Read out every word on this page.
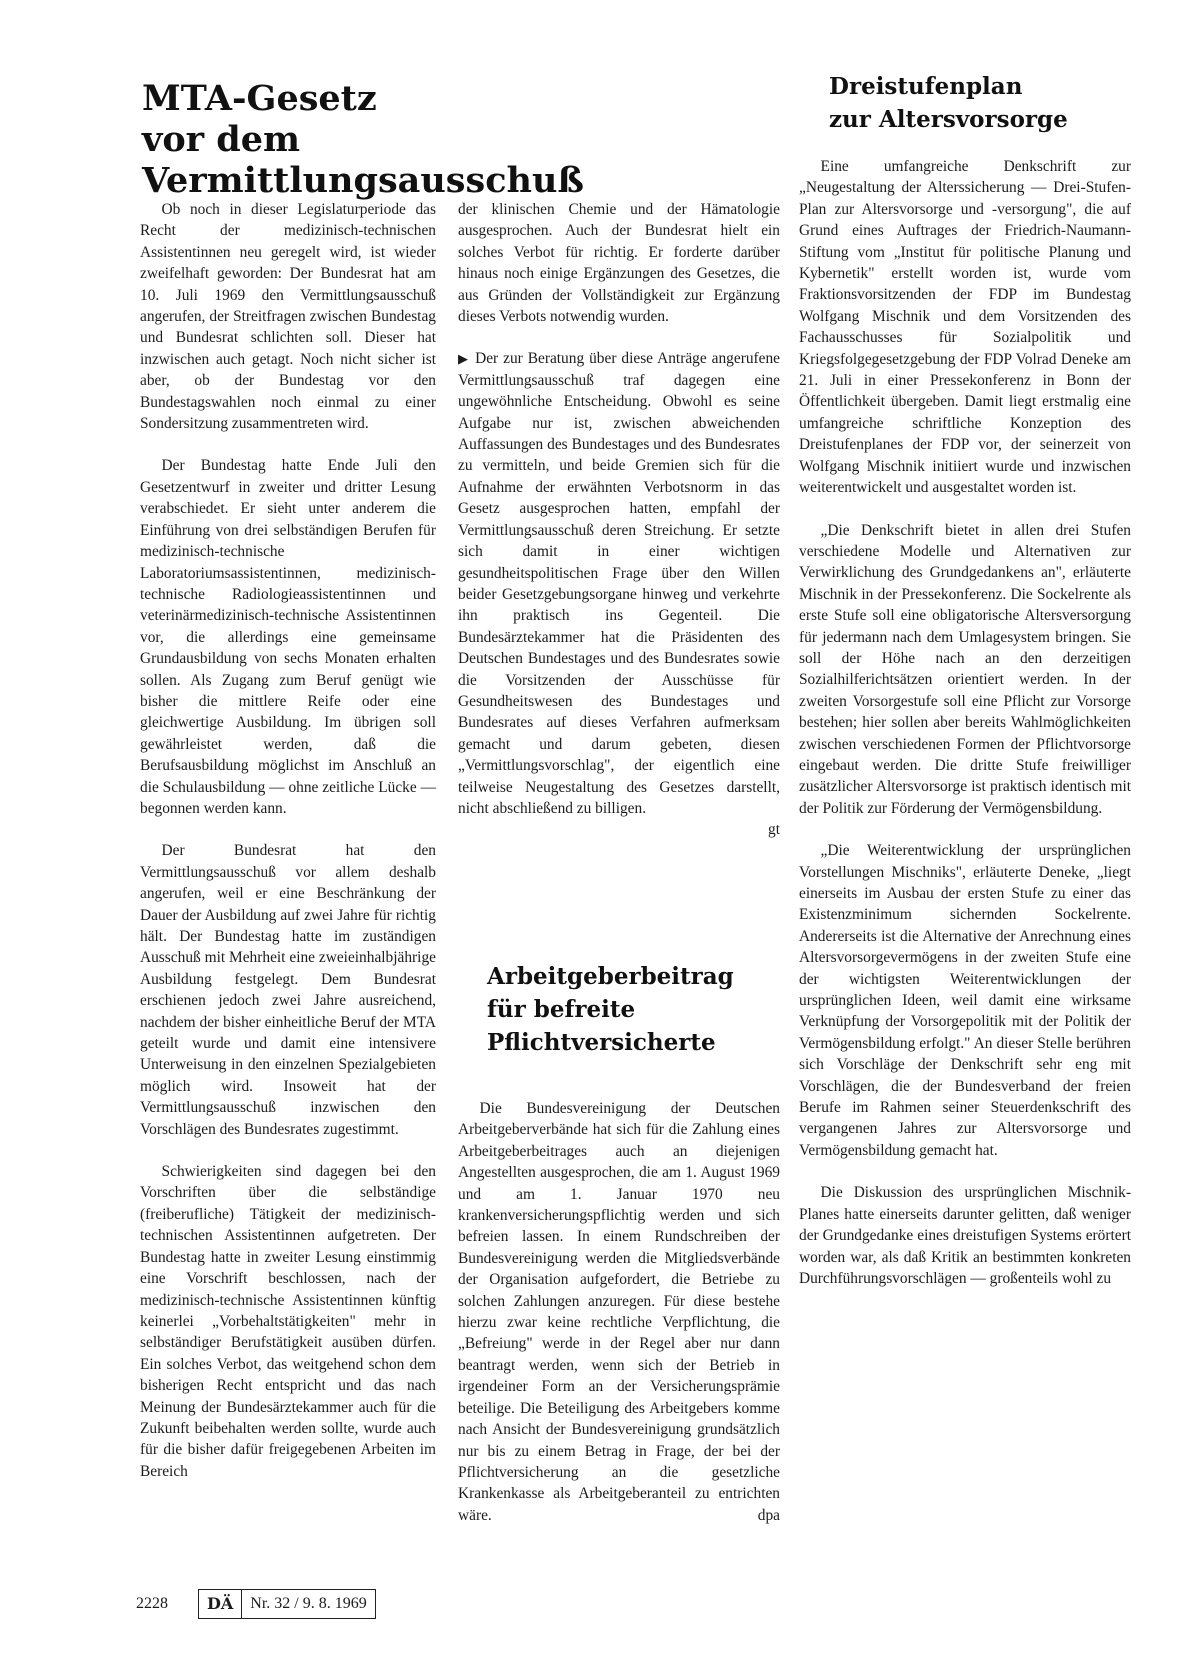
MTA-Gesetz
vor dem Vermittlungsausschuß
Dreistufenplan
zur Altersvorsorge

Ob noch in dieser Legislaturperiode das Recht der medizinisch-technischen Assistentinnen neu geregelt wird, ist wieder zweifelhaft geworden: Der Bundesrat hat am 10. Juli 1969 den Vermittlungsausschuß angerufen, der Streitfragen zwischen Bundestag und Bundesrat schlichten soll. Dieser hat inzwischen auch getagt. Noch nicht sicher ist aber, ob der Bundestag vor den Bundestagswahlen noch einmal zu einer Sondersitzung zusammentreten wird.

Der Bundestag hatte Ende Juli den Gesetzentwurf in zweiter und dritter Lesung verabschiedet. Er sieht unter anderem die Einführung von drei selbständigen Berufen für medizinisch-technische Laboratoriumsassistentinnen, medizinisch-technische Radiologieassistentinnen und veterinärmedizinisch-technische Assistentinnen vor, die allerdings eine gemeinsame Grundausbildung von sechs Monaten erhalten sollen. Als Zugang zum Beruf genügt wie bisher die mittlere Reife oder eine gleichwertige Ausbildung. Im übrigen soll gewährleistet werden, daß die Berufsausbildung möglichst im Anschluß an die Schulausbildung — ohne zeitliche Lücke — begonnen werden kann.

Der Bundesrat hat den Vermittlungsausschuß vor allem deshalb angerufen, weil er eine Beschränkung der Dauer der Ausbildung auf zwei Jahre für richtig hält. Der Bundestag hatte im zuständigen Ausschuß mit Mehrheit eine zweieinhalbjährige Ausbildung festgelegt. Dem Bundesrat erschienen jedoch zwei Jahre ausreichend, nachdem der bisher einheitliche Beruf der MTA geteilt wurde und damit eine intensivere Unterweisung in den einzelnen Spezialgebieten möglich wird. Insoweit hat der Vermittlungsausschuß inzwischen den Vorschlägen des Bundesrates zugestimmt.

Schwierigkeiten sind dagegen bei den Vorschriften über die selbständige (freiberufliche) Tätigkeit der medizinisch-technischen Assistentinnen aufgetreten. Der Bundestag hatte in zweiter Lesung einstimmig eine Vorschrift beschlossen, nach der medizinisch-technische Assistentinnen künftig keinerlei „Vorbehaltstätigkeiten" mehr in selbständiger Berufstätigkeit ausüben dürfen. Ein solches Verbot, das weitgehend schon dem bisherigen Recht entspricht und das nach Meinung der Bundesärztekammer auch für die Zukunft beibehalten werden sollte, wurde auch für die bisher dafür freigegebenen Arbeiten im Bereich

der klinischen Chemie und der Hämatologie ausgesprochen. Auch der Bundesrat hielt ein solches Verbot für richtig. Er forderte darüber hinaus noch einige Ergänzungen des Gesetzes, die aus Gründen der Vollständigkeit zur Ergänzung dieses Verbots notwendig wurden.

▶ Der zur Beratung über diese Anträge angerufene Vermittlungsausschuß traf dagegen eine ungewöhnliche Entscheidung. Obwohl es seine Aufgabe nur ist, zwischen abweichenden Auffassungen des Bundestages und des Bundesrates zu vermitteln, und beide Gremien sich für die Aufnahme der erwähnten Verbotsnorm in das Gesetz ausgesprochen hatten, empfahl der Vermittlungsausschuß deren Streichung. Er setzte sich damit in einer wichtigen gesundheitspolitischen Frage über den Willen beider Gesetzgebungsorgane hinweg und verkehrte ihn praktisch ins Gegenteil. Die Bundesärztekammer hat die Präsidenten des Deutschen Bundestages und des Bundesrates sowie die Vorsitzenden der Ausschüsse für Gesundheitswesen des Bundestages und Bundesrates auf dieses Verfahren aufmerksam gemacht und darum gebeten, diesen „Vermittlungsvorschlag", der eigentlich eine teilweise Neugestaltung des Gesetzes darstellt, nicht abschließend zu billigen.

gt

Arbeitgeberbeitrag
für befreite
Pflichtversicherte

Die Bundesvereinigung der Deutschen Arbeitgeberverbände hat sich für die Zahlung eines Arbeitgeberbeitrages auch an diejenigen Angestellten ausgesprochen, die am 1. August 1969 und am 1. Januar 1970 neu krankenversicherungspflichtig werden und sich befreien lassen. In einem Rundschreiben der Bundesvereinigung werden die Mitgliedsverbände der Organisation aufgefordert, die Betriebe zu solchen Zahlungen anzuregen. Für diese bestehe hierzu zwar keine rechtliche Verpflichtung, die „Befreiung" werde in der Regel aber nur dann beantragt werden, wenn sich der Betrieb in irgendeiner Form an der Versicherungsprämie beteilige. Die Beteiligung des Arbeitgebers komme nach Ansicht der Bundesvereinigung grundsätzlich nur bis zu einem Betrag in Frage, der bei der Pflichtversicherung an die gesetzliche Krankenkasse als Arbeitgeberanteil zu entrichten wäre.	dpa

Eine umfangreiche Denkschrift zur „Neugestaltung der Alterssicherung — Drei-Stufen-Plan zur Altersvorsorge und -versorgung", die auf Grund eines Auftrages der Friedrich-Naumann-Stiftung vom „Institut für politische Planung und Kybernetik" erstellt worden ist, wurde vom Fraktionsvorsitzenden der FDP im Bundestag Wolfgang Mischnik und dem Vorsitzenden des Fachausschusses für Sozialpolitik und Kriegsfolgegesetzgebung der FDP Volrad Deneke am 21. Juli in einer Pressekonferenz in Bonn der Öffentlichkeit übergeben. Damit liegt erstmalig eine umfangreiche schriftliche Konzeption des Dreistufenplanes der FDP vor, der seinerzeit von Wolfgang Mischnik initiiert wurde und inzwischen weiterentwickelt und ausgestaltet worden ist.

„Die Denkschrift bietet in allen drei Stufen verschiedene Modelle und Alternativen zur Verwirklichung des Grundgedankens an", erläuterte Mischnik in der Pressekonferenz. Die Sockelrente als erste Stufe soll eine obligatorische Altersversorgung für jedermann nach dem Umlagesystem bringen. Sie soll der Höhe nach an den derzeitigen Sozialhilferichtsätzen orientiert werden. In der zweiten Vorsorgestufe soll eine Pflicht zur Vorsorge bestehen; hier sollen aber bereits Wahlmöglichkeiten zwischen verschiedenen Formen der Pflichtvorsorge eingebaut werden. Die dritte Stufe freiwilliger zusätzlicher Altersvorsorge ist praktisch identisch mit der Politik zur Förderung der Vermögensbildung.

„Die Weiterentwicklung der ursprünglichen Vorstellungen Mischniks", erläuterte Deneke, „liegt einerseits im Ausbau der ersten Stufe zu einer das Existenzminimum sichernden Sockelrente. Andererseits ist die Alternative der Anrechnung eines Altersvorsorgevermögens in der zweiten Stufe eine der wichtigsten Weiterentwicklungen der ursprünglichen Ideen, weil damit eine wirksame Verknüpfung der Vorsorgepolitik mit der Politik der Vermögensbildung erfolgt." An dieser Stelle berühren sich Vorschläge der Denkschrift sehr eng mit Vorschlägen, die der Bundesverband der freien Berufe im Rahmen seiner Steuerdenkschrift des vergangenen Jahres zur Altersvorsorge und Vermögensbildung gemacht hat.

Die Diskussion des ursprünglichen Mischnik-Planes hatte einerseits darunter gelitten, daß weniger der Grundgedanke eines dreistufigen Systems erörtert worden war, als daß Kritik an bestimmten konkreten Durchführungsvorschlägen — großenteils wohl zu

2228	DÄ	Nr. 32 / 9. 8. 1969
